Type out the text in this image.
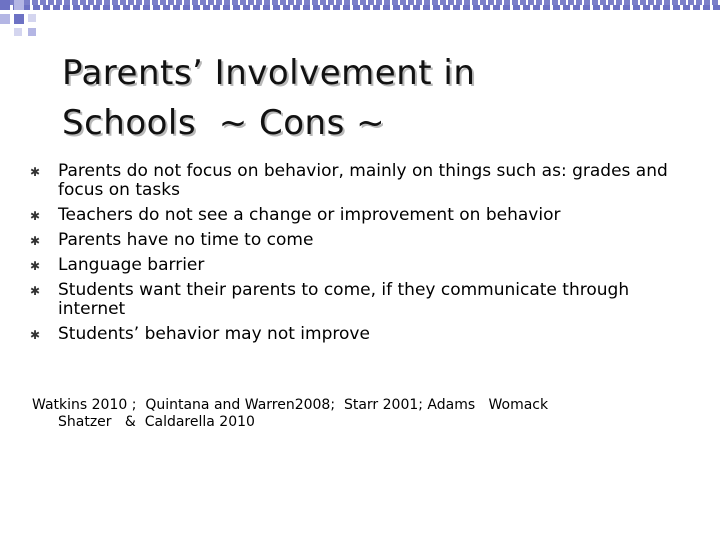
Parents’ Involvement in
Schools  ~ Cons ~
✱ Parents do not focus on behavior, mainly on things such as: grades and focus on tasks
✱ Teachers do not see a change or improvement on behavior
✱ Parents have no time to come
✱ Language barrier
✱ Students want their parents to come, if they communicate through internet
✱ Students’ behavior may not improve
Watkins 2010 ;  Quintana and Warren2008;  Starr 2001; Adams   Womack
Shatzer   &  Caldarella 2010
